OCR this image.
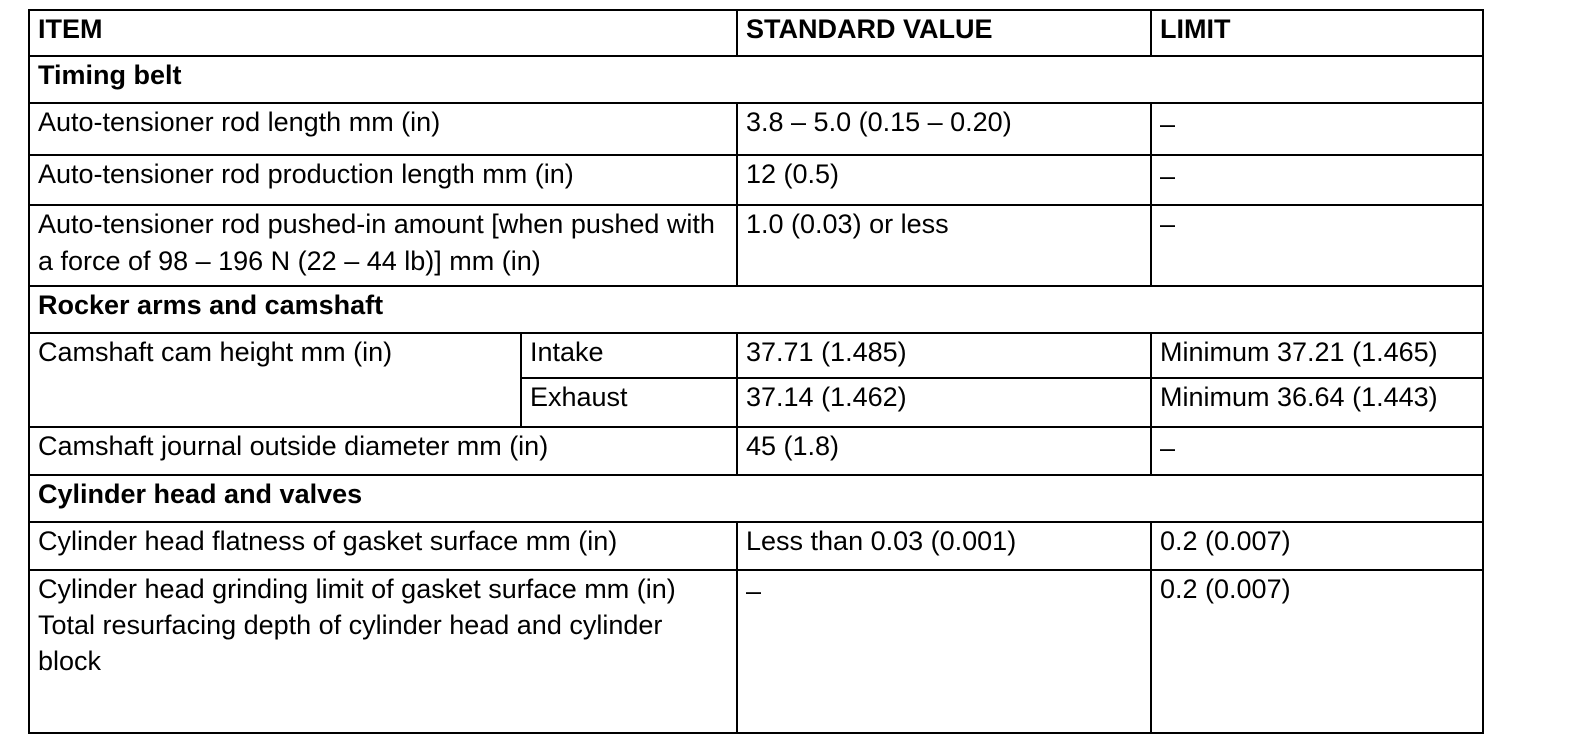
ITEM		STANDARD VALUE	LIMIT
Timing belt			
Auto-tensioner rod length mm (in)		3.8 – 5.0 (0.15 – 0.20)	–
Auto-tensioner rod production length mm (in)		12 (0.5)	–
Auto-tensioner rod pushed-in amount [when pushed with a force of 98 – 196 N (22 – 44 lb)] mm (in)		1.0 (0.03) or less	–
Rocker arms and camshaft			
Camshaft cam height mm (in)	Intake	37.71 (1.485)	Minimum 37.21 (1.465)
	Exhaust	37.14 (1.462)	Minimum 36.64 (1.443)
Camshaft journal outside diameter mm (in)		45 (1.8)	–
Cylinder head and valves			
Cylinder head flatness of gasket surface mm (in)		Less than 0.03 (0.001)	0.2 (0.007)
Cylinder head grinding limit of gasket surface mm (in) Total resurfacing depth of cylinder head and cylinder block		–	0.2 (0.007)
